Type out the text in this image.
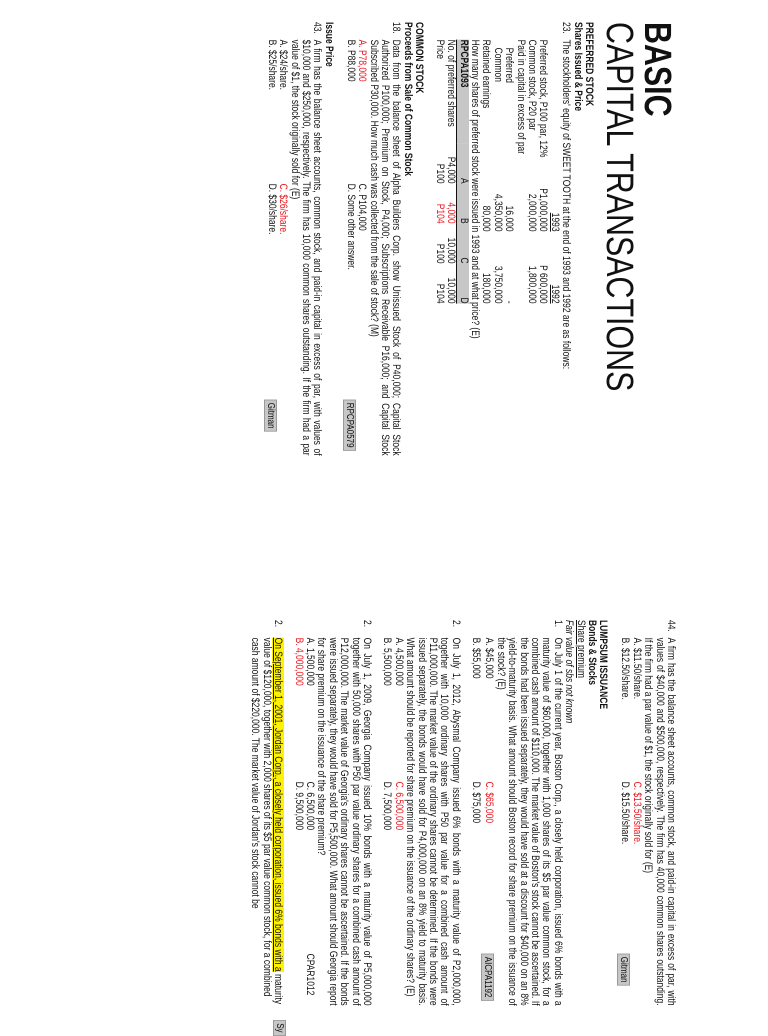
BASIC
CAPITAL TRANSACTIONS
PREFERRED STOCK
Shares Issued & Price
23.
The stockholders' equity of SWEET TOOTH at the end of 1993 and 1992 are as follows:
	1993	1992
Preferred stock, P100 par, 12%	P1,000,000	P 600,000
Common stock, P20 par	2,000,000	1,800,000
Paid in capital in excess of par		
Preferred	16,000	-
Common	4,350,000	3,750,000
Retained earnings	80,000	180,000
How many shares of preferred stock were issued in 1993 and at what price? (E)
RPCPA1093	A	B	C	D
No. of preferred shares	P4,000	4,000	10,000	10,000
Price	P100	P104	P100	P104
COMMON STOCK
Proceeds from Sale of Common Stock
18.
Data from the balance sheet of Alpha Builders Corp. show Unissued Stock of P40,000; Capital Stock Authorized P100,000; Premium on Stock, P4,000; Subscriptions Receivable P16,000; and Capital Stock Subscribed P30,000. How much cash was collected from the sale of stock? (M)
A. P78,000
C. P104,000
B. P88,000
D. Some other answer.
RPCPA0579
Issue Price
43.
A firm has the balance sheet accounts, common stock, and paid-in capital in excess of par, with values of $10,000 and $250,000, respectively. The firm has 10,000 common shares outstanding. If the firm had a par value of $1, the stock originally sold for (E)
A. $24/share.
C. $26/share.
B. $25/share.
D. $30/share.
Gitman
44.
A firm has the balance sheet accounts, common stock, and paid-in capital in excess of par, with values of $40,000 and $500,000, respectively. The firm has 40,000 common shares outstanding. If the firm had a par value of $1, the stock originally sold for (E)
A. $11.50/share.
C. $13.50/share.
B. $12.50/share.
D. $15.50/share.
Gitman
LUMPSUM ISSUANCE
Bonds & Stocks
Share premium
Fair value of sbs not known
1.
On July 1 of the current year, Boston Corp., a closely held corporation, issued 6% bonds with a maturity value of $60,000, together with 1,000 shares of its $5 par value common stock, for a combined cash amount of $110,000. The market value of Boston's stock cannot be ascertained. If the bonds had been issued separately, they would have sold at a discount for $40,000 on an 8% yield-to-maturity basis. What amount should Boston record for share premium on the issuance of the stock? (E)
A. $45,000
C. $65,000
AICPA1192
B. $55,000
D. $75,000
2.
On July 1, 2012, Abysmal Company issued 6% bonds with a maturity value of P2,000,000, together with 10,000 ordinary shares with P50 par value for a combined cash amount of P11,000,000. The market value of the ordinary shares cannot be determined. If the bonds were issued separately, the bonds would have sold for P4,000,000 on an 8% yield to maturity basis. What amount should be reported for share premium on the issuance of the ordinary shares? (E)
A. 4,500,000
C. 6,500,000
B. 5,500,000
D. 7,500,000
2.
On July 1, 2009, Georgia Company issued 10% bonds with a maturity value of P5,000,000 together with 50,000 shares with P50 par value ordinary shares for a combined cash amount of P12,000,000. The market value of Georgia's ordinary shares cannot be ascertained. If the bonds were issued separately, they would have sold for P5,500,000. What amount should Georgia report for share premium on the issuance of the share premium?
A. 1,500,000
C. 6,500,000
CPAR1012
B. 4,000,000
D. 9,500,000
2.
On September 1, 2001, Jordan Corp., a closely held corporation, issued 6% bonds with a maturity value of $120,000, together with 2,000 shares of its $5 par value common stock, for a combined cash amount of $220,000. The market value of Jordan's stock cannot be
Sy
